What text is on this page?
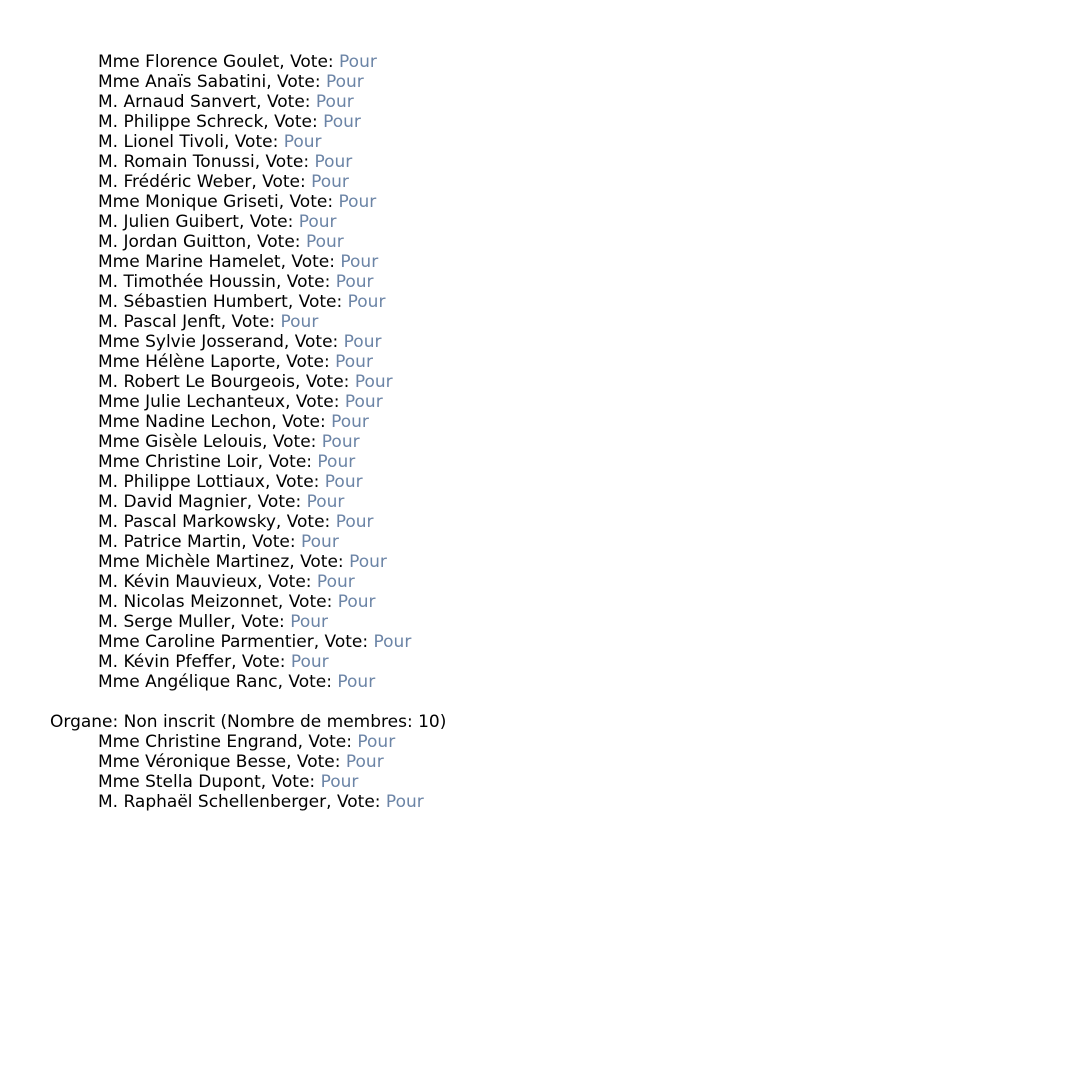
Mme Florence Goulet, Vote: Pour
Mme Anaïs Sabatini, Vote: Pour
M. Arnaud Sanvert, Vote: Pour
M. Philippe Schreck, Vote: Pour
M. Lionel Tivoli, Vote: Pour
M. Romain Tonussi, Vote: Pour
M. Frédéric Weber, Vote: Pour
Mme Monique Griseti, Vote: Pour
M. Julien Guibert, Vote: Pour
M. Jordan Guitton, Vote: Pour
Mme Marine Hamelet, Vote: Pour
M. Timothée Houssin, Vote: Pour
M. Sébastien Humbert, Vote: Pour
M. Pascal Jenft, Vote: Pour
Mme Sylvie Josserand, Vote: Pour
Mme Hélène Laporte, Vote: Pour
M. Robert Le Bourgeois, Vote: Pour
Mme Julie Lechanteux, Vote: Pour
Mme Nadine Lechon, Vote: Pour
Mme Gisèle Lelouis, Vote: Pour
Mme Christine Loir, Vote: Pour
M. Philippe Lottiaux, Vote: Pour
M. David Magnier, Vote: Pour
M. Pascal Markowsky, Vote: Pour
M. Patrice Martin, Vote: Pour
Mme Michèle Martinez, Vote: Pour
M. Kévin Mauvieux, Vote: Pour
M. Nicolas Meizonnet, Vote: Pour
M. Serge Muller, Vote: Pour
Mme Caroline Parmentier, Vote: Pour
M. Kévin Pfeffer, Vote: Pour
Mme Angélique Ranc, Vote: Pour
Organe: Non inscrit (Nombre de membres: 10)
Mme Christine Engrand, Vote: Pour
Mme Véronique Besse, Vote: Pour
Mme Stella Dupont, Vote: Pour
M. Raphaël Schellenberger, Vote: Pour
